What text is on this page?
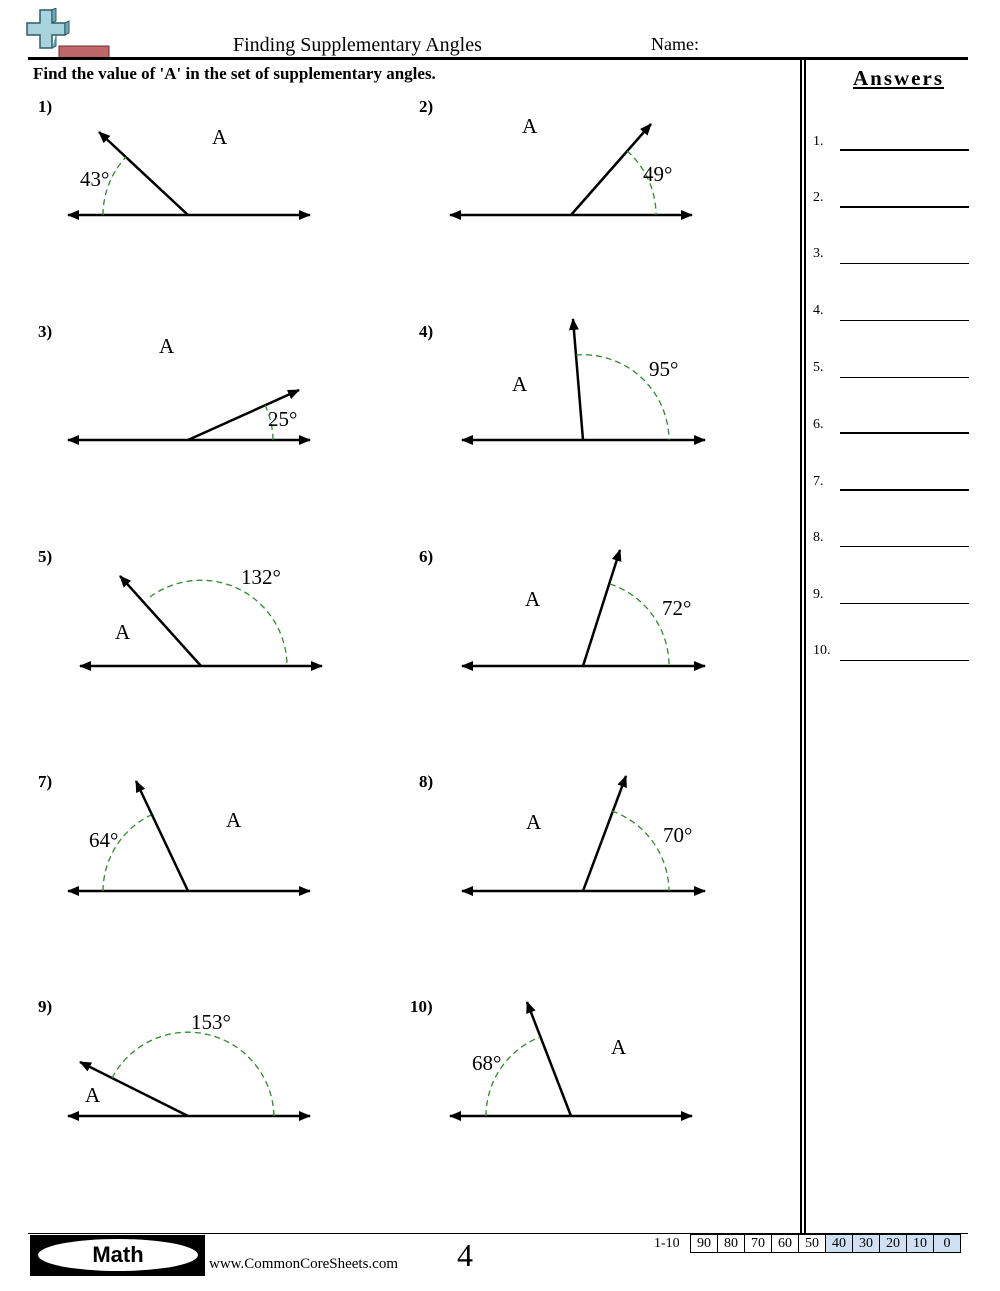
Finding Supplementary Angles	Name:
Find the value of 'A' in the set of supplementary angles.	Answers
1.
2.
3.
4.
5.
6.
7.
8.
9.
10.
1)	2)
3)	4)
5)	6)
7)	8)
9)	10)
43°
A
49°
A
25°
A
95°
A
132°
A
72°
A
64°
A
70°
A
153°
A
68°
A
Math	www.CommonCoreSheets.com 4	1-10 90	80	70	60	50	40	30	20	10	0
